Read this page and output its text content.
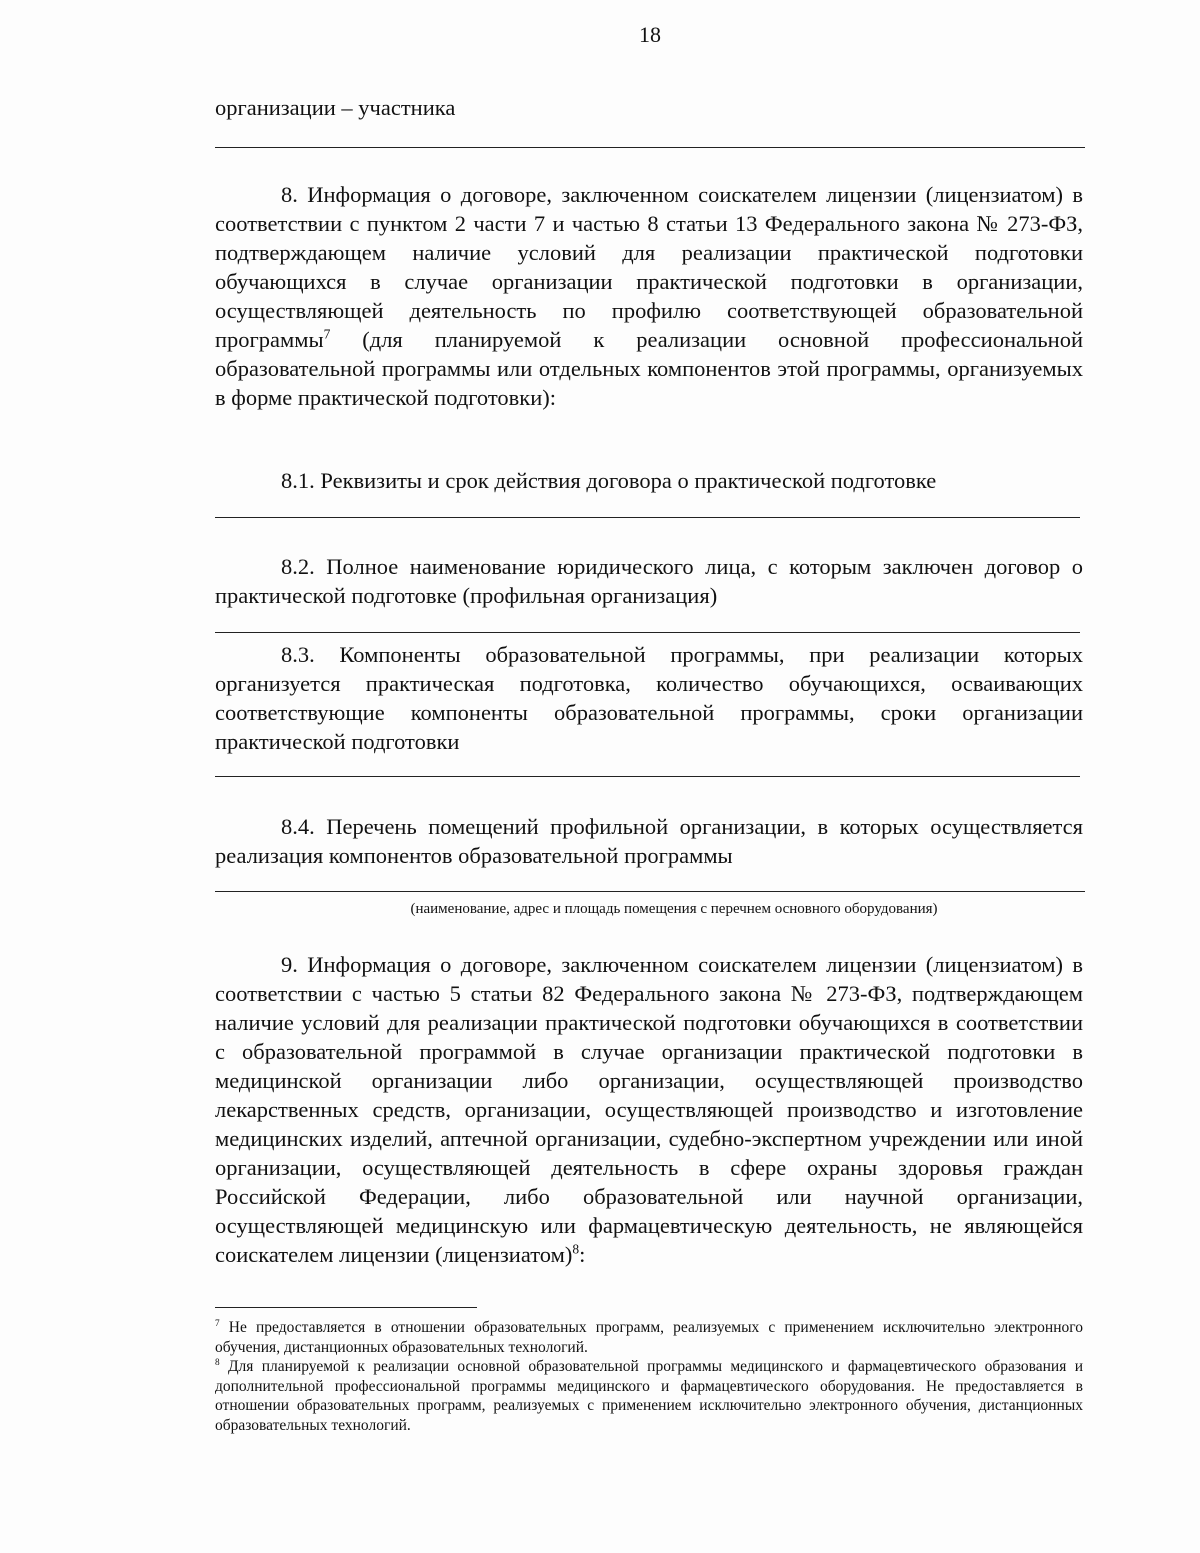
18

организации – участника

8. Информация о договоре, заключенном соискателем лицензии (лицензиатом) в соответствии с пунктом 2 части 7 и частью 8 статьи 13 Федерального закона № 273-ФЗ, подтверждающем наличие условий для реализации практической подготовки обучающихся в случае организации практической подготовки в организации, осуществляющей деятельность по профилю соответствующей образовательной программы$^7$ (для планируемой к реализации основной профессиональной образовательной программы или отдельных компонентов этой программы, организуемых в форме практической подготовки):

8.1. Реквизиты и срок действия договора о практической подготовке

8.2. Полное наименование юридического лица, с которым заключен договор о практической подготовке (профильная организация)

8.3. Компоненты образовательной программы, при реализации которых организуется практическая подготовка, количество обучающихся, осваивающих соответствующие компоненты образовательной программы, сроки организации практической подготовки

8.4. Перечень помещений профильной организации, в которых осуществляется реализация компонентов образовательной программы

(наименование, адрес и площадь помещения с перечнем основного оборудования)

9. Информация о договоре, заключенном соискателем лицензии (лицензиатом) в соответствии с частью 5 статьи 82 Федерального закона № 273-ФЗ, подтверждающем наличие условий для реализации практической подготовки обучающихся в соответствии с образовательной программой в случае организации практической подготовки в медицинской организации либо организации, осуществляющей производство лекарственных средств, организации, осуществляющей производство и изготовление медицинских изделий, аптечной организации, судебно-экспертном учреждении или иной организации, осуществляющей деятельность в сфере охраны здоровья граждан Российской Федерации, либо образовательной или научной организации, осуществляющей медицинскую или фармацевтическую деятельность, не являющейся соискателем лицензии (лицензиатом)$^8$:

$^7$ Не предоставляется в отношении образовательных программ, реализуемых с применением исключительно электронного обучения, дистанционных образовательных технологий.

$^8$ Для планируемой к реализации основной образовательной программы медицинского и фармацевтического образования и дополнительной профессиональной программы медицинского и фармацевтического оборудования. Не предоставляется в отношении образовательных программ, реализуемых с применением исключительно электронного обучения, дистанционных образовательных технологий.
